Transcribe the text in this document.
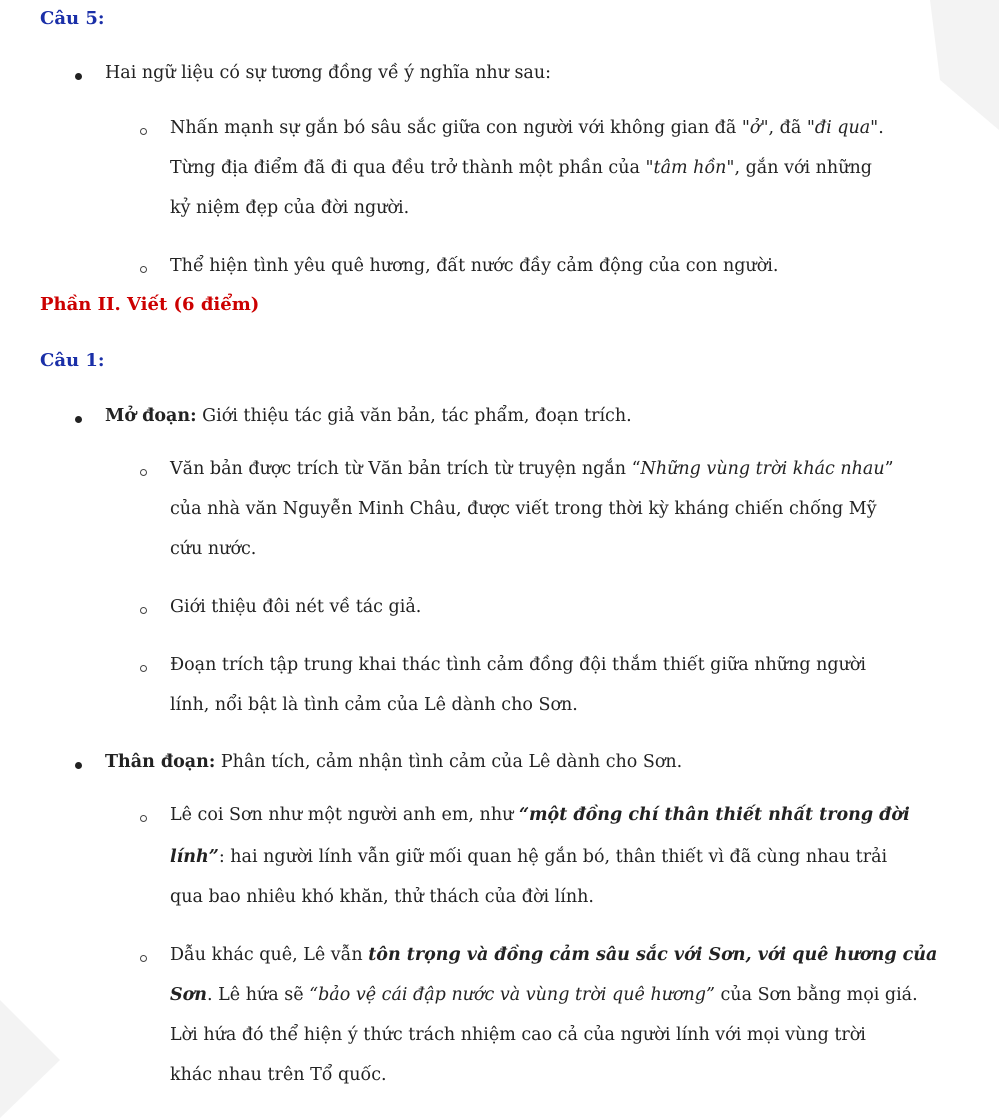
Câu 5:
Hai ngữ liệu có sự tương đồng về ý nghĩa như sau:
Nhấn mạnh sự gắn bó sâu sắc giữa con người với không gian đã "ở", đã "đi qua".
Từng địa điểm đã đi qua đều trở thành một phần của "tâm hồn", gắn với những
kỷ niệm đẹp của đời người.
Thể hiện tình yêu quê hương, đất nước đầy cảm động của con người.
Phần II. Viết (6 điểm)
Câu 1:
Mở đoạn: Giới thiệu tác giả văn bản, tác phẩm, đoạn trích.
Văn bản được trích từ Văn bản trích từ truyện ngắn “Những vùng trời khác nhau”
của nhà văn Nguyễn Minh Châu, được viết trong thời kỳ kháng chiến chống Mỹ
cứu nước.
Giới thiệu đôi nét về tác giả.
Đoạn trích tập trung khai thác tình cảm đồng đội thắm thiết giữa những người
lính, nổi bật là tình cảm của Lê dành cho Sơn.
Thân đoạn: Phân tích, cảm nhận tình cảm của Lê dành cho Sơn.
Lê coi Sơn như một người anh em, như “một đồng chí thân thiết nhất trong đời
lính”: hai người lính vẫn giữ mối quan hệ gắn bó, thân thiết vì đã cùng nhau trải
qua bao nhiêu khó khăn, thử thách của đời lính.
Dẫu khác quê, Lê vẫn tôn trọng và đồng cảm sâu sắc với Sơn, với quê hương của
Sơn. Lê hứa sẽ “bảo vệ cái đập nước và vùng trời quê hương” của Sơn bằng mọi giá.
Lời hứa đó thể hiện ý thức trách nhiệm cao cả của người lính với mọi vùng trời
khác nhau trên Tổ quốc.
